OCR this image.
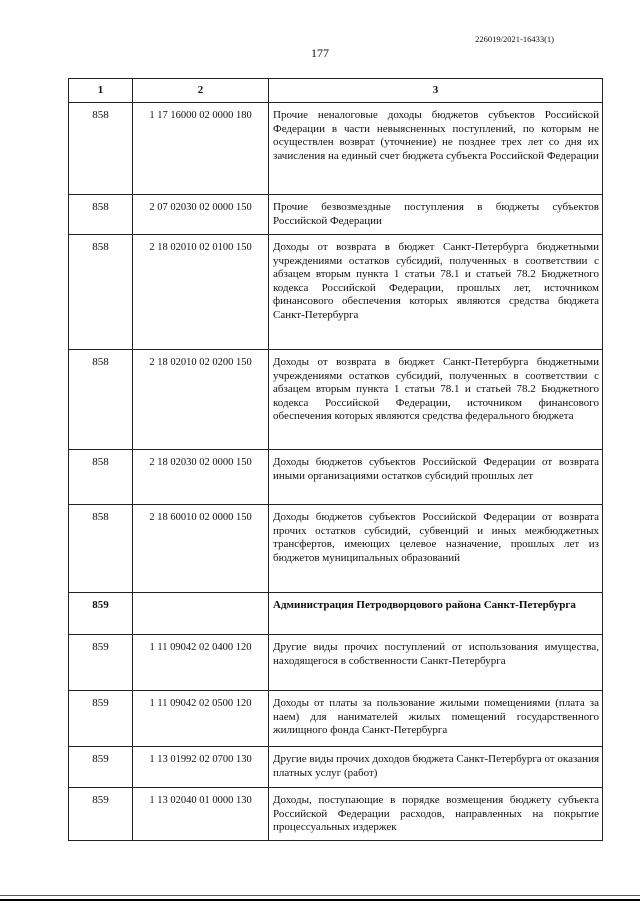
226019/2021-16433(1)
177
1	2	3
858	1 17 16000 02 0000 180	Прочие неналоговые доходы бюджетов субъектов Российской Федерации в части невыясненных поступлений, по которым не осуществлен возврат (уточнение) не позднее трех лет со дня их зачисления на единый счет бюджета субъекта Российской Федерации
858	2 07 02030 02 0000 150	Прочие безвозмездные поступления в бюджеты субъектов Российской Федерации
858	2 18 02010 02 0100 150	Доходы от возврата в бюджет Санкт-Петербурга бюджетными учреждениями остатков субсидий, полученных в соответствии с абзацем вторым пункта 1 статьи 78.1 и статьей 78.2 Бюджетного кодекса Российской Федерации, прошлых лет, источником финансового обеспечения которых являются средства бюджета Санкт-Петербурга
858	2 18 02010 02 0200 150	Доходы от возврата в бюджет Санкт-Петербурга бюджетными учреждениями остатков субсидий, полученных в соответствии с абзацем вторым пункта 1 статьи 78.1 и статьей 78.2 Бюджетного кодекса Российской Федерации, источником финансового обеспечения которых являются средства федерального бюджета
858	2 18 02030 02 0000 150	Доходы бюджетов субъектов Российской Федерации от возврата иными организациями остатков субсидий прошлых лет
858	2 18 60010 02 0000 150	Доходы бюджетов субъектов Российской Федерации от возврата прочих остатков субсидий, субвенций и иных межбюджетных трансфертов, имеющих целевое назначение, прошлых лет из бюджетов муниципальных образований
859		Администрация Петродворцового района Санкт-Петербурга
859	1 11 09042 02 0400 120	Другие виды прочих поступлений от использования имущества, находящегося в собственности Санкт-Петербурга
859	1 11 09042 02 0500 120	Доходы от платы за пользование жилыми помещениями (плата за наем) для нанимателей жилых помещений государственного жилищного фонда Санкт-Петербурга
859	1 13 01992 02 0700 130	Другие виды прочих доходов бюджета Санкт-Петербурга от оказания платных услуг (работ)
859	1 13 02040 01 0000 130	Доходы, поступающие в порядке возмещения бюджету субъекта Российской Федерации расходов, направленных на покрытие процессуальных издержек
